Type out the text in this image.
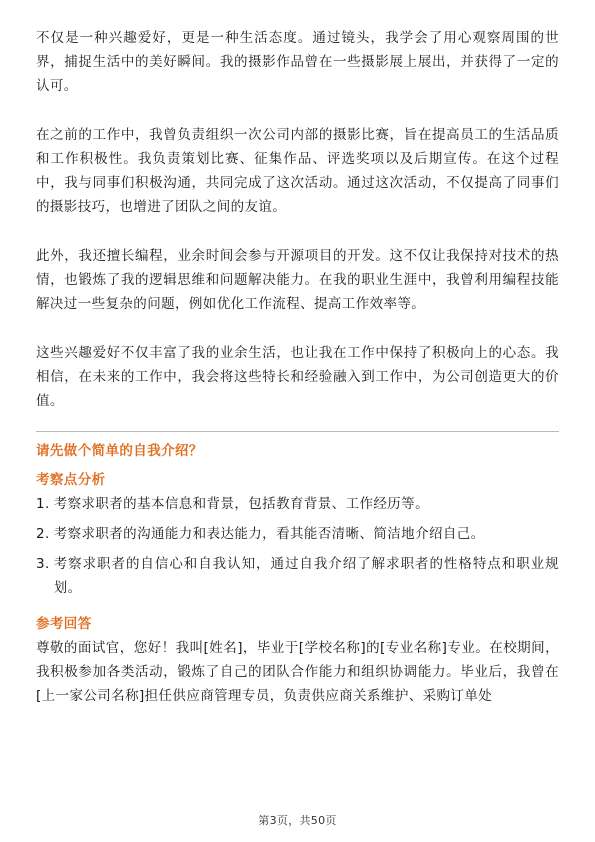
不仅是一种兴趣爱好，更是一种生活态度。通过镜头，我学会了用心观察周围的世界，捕捉生活中的美好瞬间。我的摄影作品曾在一些摄影展上展出，并获得了一定的认可。

在之前的工作中，我曾负责组织一次公司内部的摄影比赛，旨在提高员工的生活品质和工作积极性。我负责策划比赛、征集作品、评选奖项以及后期宣传。在这个过程中，我与同事们积极沟通，共同完成了这次活动。通过这次活动，不仅提高了同事们的摄影技巧，也增进了团队之间的友谊。

此外，我还擅长编程，业余时间会参与开源项目的开发。这不仅让我保持对技术的热情，也锻炼了我的逻辑思维和问题解决能力。在我的职业生涯中，我曾利用编程技能解决过一些复杂的问题，例如优化工作流程、提高工作效率等。

这些兴趣爱好不仅丰富了我的业余生活，也让我在工作中保持了积极向上的心态。我相信，在未来的工作中，我会将这些特长和经验融入到工作中，为公司创造更大的价值。

请先做个简单的自我介绍？

考察点分析

1. 考察求职者的基本信息和背景，包括教育背景、工作经历等。
2. 考察求职者的沟通能力和表达能力，看其能否清晰、简洁地介绍自己。
3. 考察求职者的自信心和自我认知，通过自我介绍了解求职者的性格特点和职业规划。

参考回答

尊敬的面试官，您好！我叫[姓名]，毕业于[学校名称]的[专业名称]专业。在校期间，我积极参加各类活动，锻炼了自己的团队合作能力和组织协调能力。毕业后，我曾在[上一家公司名称]担任供应商管理专员，负责供应商关系维护、采购订单处

第3页，共50页
